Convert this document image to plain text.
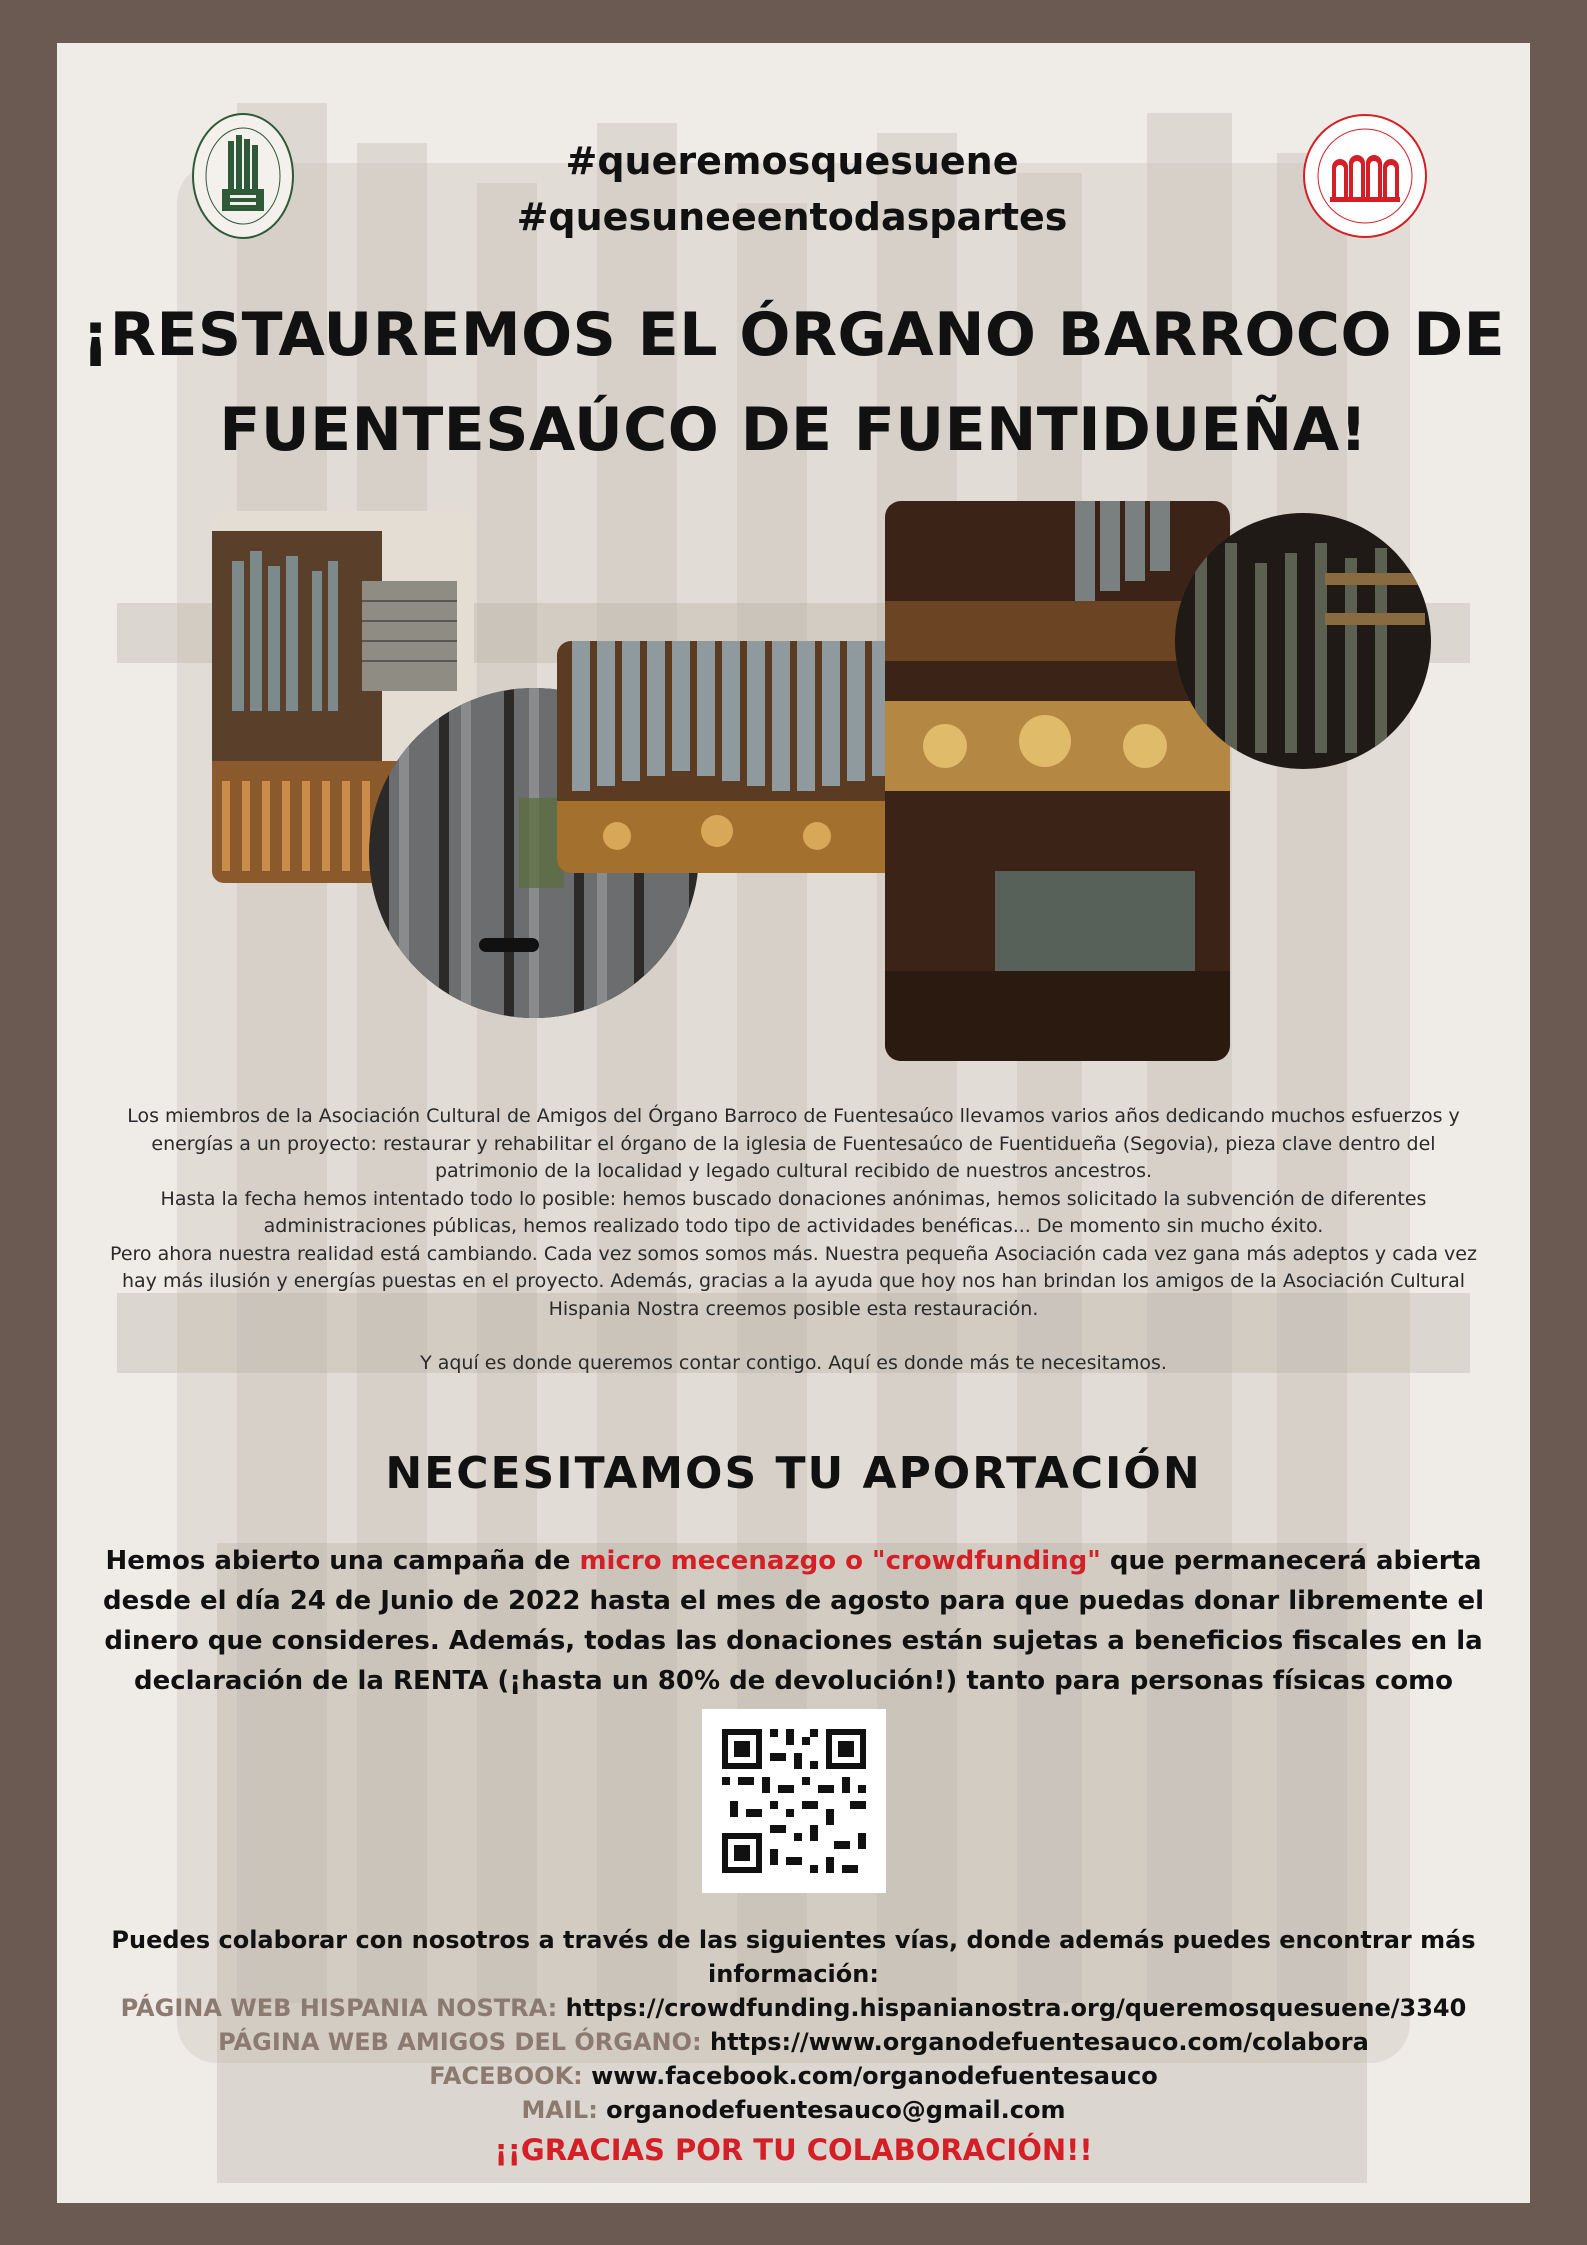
#queremosquesuene
#quesuneeentodaspartes
¡RESTAUREMOS EL ÓRGANO BARROCO DE
FUENTESAÚCO DE FUENTIDUEÑA!

Los miembros de la Asociación Cultural de Amigos del Órgano Barroco de Fuentesaúco llevamos varios años dedicando muchos esfuerzos y energías a un proyecto: restaurar y rehabilitar el órgano de la iglesia de Fuentesaúco de Fuentidueña (Segovia), pieza clave dentro del patrimonio de la localidad y legado cultural recibido de nuestros ancestros.

Hasta la fecha hemos intentado todo lo posible: hemos buscado donaciones anónimas, hemos solicitado la subvención de diferentes administraciones públicas, hemos realizado todo tipo de actividades benéficas... De momento sin mucho éxito.

Pero ahora nuestra realidad está cambiando. Cada vez somos somos más. Nuestra pequeña Asociación cada vez gana más adeptos y cada vez hay más ilusión y energías puestas en el proyecto. Además, gracias a la ayuda que hoy nos han brindan los amigos de la Asociación Cultural Hispania Nostra creemos posible esta restauración.

Y aquí es donde queremos contar contigo. Aquí es donde más te necesitamos.

NECESITAMOS TU APORTACIÓN
Hemos abierto una campaña de micro mecenazgo o "crowdfunding" que permanecerá abierta desde el día 24 de Junio de 2022 hasta el mes de agosto para que puedas donar libremente el dinero que consideres. Además, todas las donaciones están sujetas a beneficios fiscales en la declaración de la RENTA (¡hasta un 80% de devolución!) tanto para personas físicas como
Puedes colaborar con nosotros a través de las siguientes vías, donde además puedes encontrar más información:
PÁGINA WEB HISPANIA NOSTRA: https://crowdfunding.hispanianostra.org/queremosquesuene/3340
PÁGINA WEB AMIGOS DEL ÓRGANO: https://www.organodefuentesauco.com/colabora
FACEBOOK: www.facebook.com/organodefuentesauco
MAIL: organodefuentesauco@gmail.com
¡¡GRACIAS POR TU COLABORACIÓN!!
